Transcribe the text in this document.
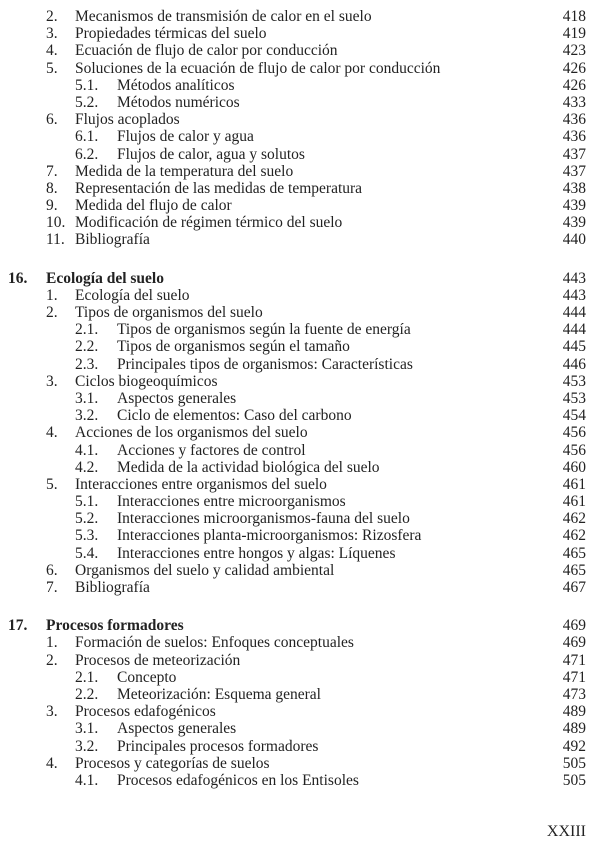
2. Mecanismos de transmisión de calor en el suelo	418
3. Propiedades térmicas del suelo	419
4. Ecuación de flujo de calor por conducción	423
5. Soluciones de la ecuación de flujo de calor por conducción	426
5.1. Métodos analíticos	426
5.2. Métodos numéricos	433
6. Flujos acoplados	436
6.1. Flujos de calor y agua	436
6.2. Flujos de calor, agua y solutos	437
7. Medida de la temperatura del suelo	437
8. Representación de las medidas de temperatura	438
9. Medida del flujo de calor	439
10. Modificación de régimen térmico del suelo	439
11. Bibliografía	440
16. Ecología del suelo	443
1. Ecología del suelo	443
2. Tipos de organismos del suelo	444
2.1. Tipos de organismos según la fuente de energía	444
2.2. Tipos de organismos según el tamaño	445
2.3. Principales tipos de organismos: Características	446
3. Ciclos biogeoquímicos	453
3.1. Aspectos generales	453
3.2. Ciclo de elementos: Caso del carbono	454
4. Acciones de los organismos del suelo	456
4.1. Acciones y factores de control	456
4.2. Medida de la actividad biológica del suelo	460
5. Interacciones entre organismos del suelo	461
5.1. Interacciones entre microorganismos	461
5.2. Interacciones microorganismos-fauna del suelo	462
5.3. Interacciones planta-microorganismos: Rizosfera	462
5.4. Interacciones entre hongos y algas: Líquenes	465
6. Organismos del suelo y calidad ambiental	465
7. Bibliografía	467
17. Procesos formadores	469
1. Formación de suelos: Enfoques conceptuales	469
2. Procesos de meteorización	471
2.1. Concepto	471
2.2. Meteorización: Esquema general	473
3. Procesos edafogénicos	489
3.1. Aspectos generales	489
3.2. Principales procesos formadores	492
4. Procesos y categorías de suelos	505
4.1. Procesos edafogénicos en los Entisoles	505
XXIII
